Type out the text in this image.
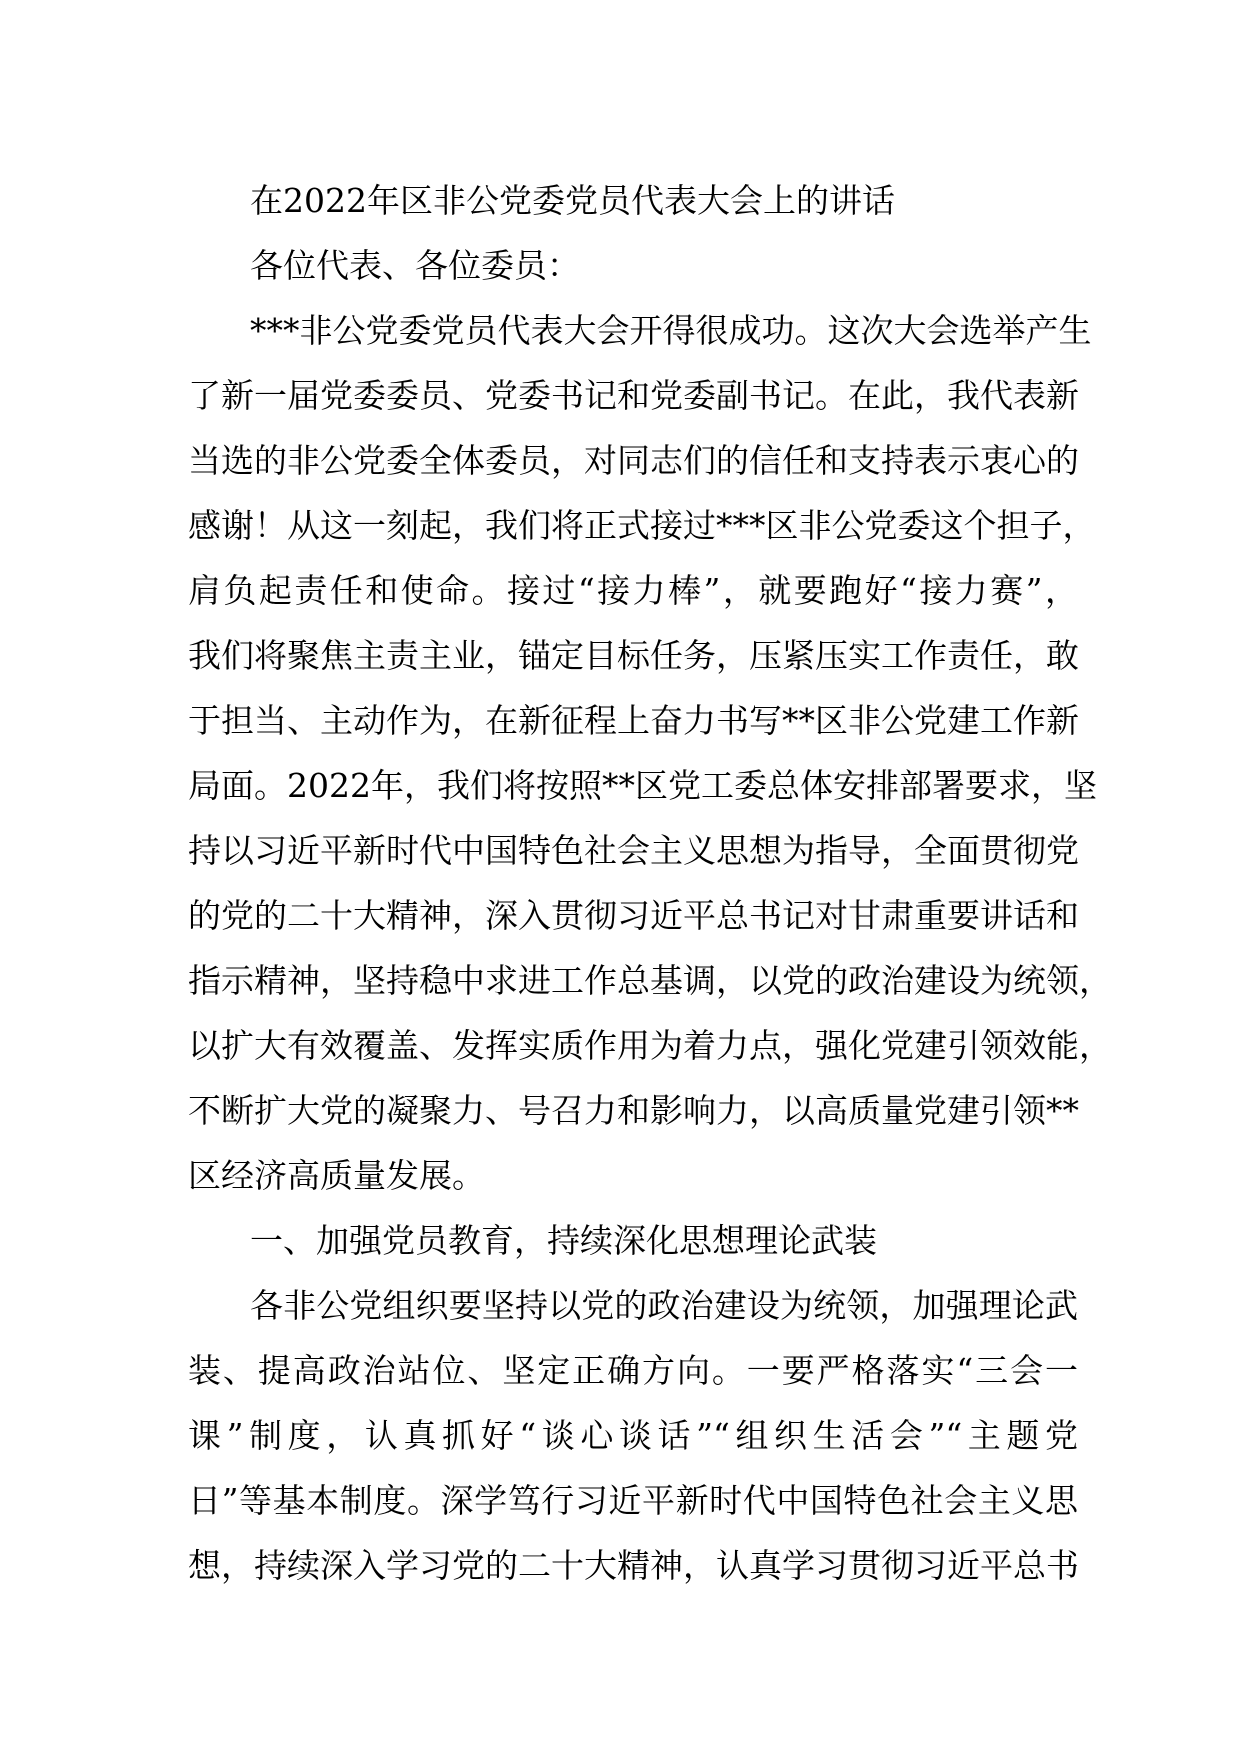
在2022年区非公党委党员代表大会上的讲话
各位代表、各位委员：
***非公党委党员代表大会开得很成功。这次大会选举产生
了新一届党委委员、党委书记和党委副书记。在此，我代表新
当选的非公党委全体委员，对同志们的信任和支持表示衷心的
感谢！从这一刻起，我们将正式接过***区非公党委这个担子，
肩负起责任和使命。接过“接力棒”，就要跑好“接力赛”，
我们将聚焦主责主业，锚定目标任务，压紧压实工作责任，敢
于担当、主动作为，在新征程上奋力书写**区非公党建工作新
局面。2022年，我们将按照**区党工委总体安排部署要求，坚
持以习近平新时代中国特色社会主义思想为指导，全面贯彻党
的党的二十大精神，深入贯彻习近平总书记对甘肃重要讲话和
指示精神，坚持稳中求进工作总基调，以党的政治建设为统领，
以扩大有效覆盖、发挥实质作用为着力点，强化党建引领效能，
不断扩大党的凝聚力、号召力和影响力，以高质量党建引领**
区经济高质量发展。
一、加强党员教育，持续深化思想理论武装
各非公党组织要坚持以党的政治建设为统领，加强理论武
装、提高政治站位、坚定正确方向。一要严格落实“三会一
课”制度，认真抓好“谈心谈话”“组织生活会”“主题党
日”等基本制度。深学笃行习近平新时代中国特色社会主义思
想，持续深入学习党的二十大精神，认真学习贯彻习近平总书
